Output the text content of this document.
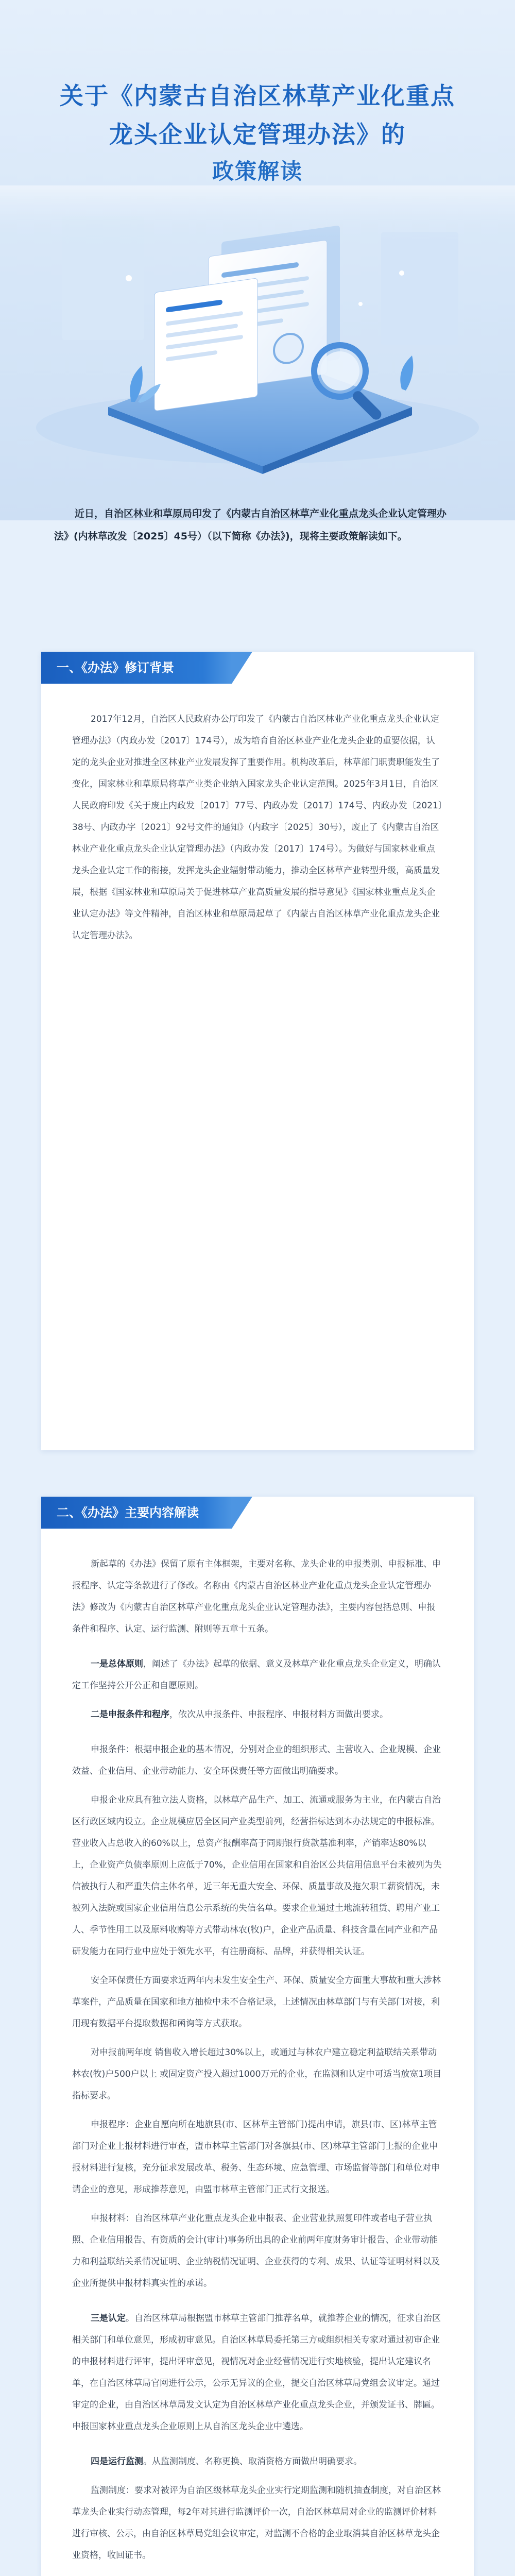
关于《内蒙古自治区林草产业化重点
龙头企业认定管理办法》的
政策解读
近日，自治区林业和草原局印发了《内蒙古自治区林草产业化重点龙头企业认定管理办法》(内林草改发〔2025〕45号）（以下简称《办法》)，现将主要政策解读如下。
一、《办法》修订背景

2017年12月，自治区人民政府办公厅印发了《内蒙古自治区林业产业化重点龙头企业认定管理办法》（内政办发〔2017〕174号），成为培育自治区林业产业化龙头企业的重要依据，认定的龙头企业对推进全区林业产业发展发挥了重要作用。机构改革后，林草部门职责职能发生了变化，国家林业和草原局将草产业类企业纳入国家龙头企业认定范围。2025年3月1日，自治区人民政府印发《关于废止内政发〔2017〕77号、内政办发〔2017〕174号、内政办发〔2021〕38号、内政办字〔2021〕92号文件的通知》（内政字〔2025〕30号），废止了《内蒙古自治区林业产业化重点龙头企业认定管理办法》（内政办发〔2017〕174号）。为做好与国家林业重点龙头企业认定工作的衔接，发挥龙头企业辐射带动能力，推动全区林草产业转型升级，高质量发展，根据《国家林业和草原局关于促进林草产业高质量发展的指导意见》《国家林业重点龙头企业认定办法》等文件精神，自治区林业和草原局起草了《内蒙古自治区林草产业化重点龙头企业认定管理办法》。

二、《办法》主要内容解读

新起草的《办法》保留了原有主体框架，主要对名称、龙头企业的申报类别、申报标准、申报程序、认定等条款进行了修改。名称由《内蒙古自治区林业产业化重点龙头企业认定管理办法》修改为《内蒙古自治区林草产业化重点龙头企业认定管理办法》，主要内容包括总则、申报条件和程序、认定、运行监测、附则等五章十五条。

一是总体原则，阐述了《办法》起草的依据、意义及林草产业化重点龙头企业定义，明确认定工作坚持公开公正和自愿原则。

二是申报条件和程序，依次从申报条件、申报程序、申报材料方面做出要求。

申报条件：根据申报企业的基本情况，分别对企业的组织形式、主营收入、企业规模、企业效益、企业信用、企业带动能力、安全环保责任等方面做出明确要求。

申报企业应具有独立法人资格，以林草产品生产、加工、流通或服务为主业，在内蒙古自治区行政区域内设立。企业规模应居全区同产业类型前列，经营指标达到本办法规定的申报标准。营业收入占总收入的60%以上，总资产报酬率高于同期银行贷款基准利率，产销率达80%以上，企业资产负债率原则上应低于70%，企业信用在国家和自治区公共信用信息平台未被列为失信被执行人和严重失信主体名单，近三年无重大安全、环保、质量事故及拖欠职工薪资情况，未被列入法院或国家企业信用信息公示系统的失信名单。要求企业通过土地流转租赁、聘用产业工人、季节性用工以及原料收购等方式带动林农(牧)户，企业产品质量、科技含量在同产业和产品研发能力在同行业中应处于领先水平，有注册商标、品牌，并获得相关认证。

安全环保责任方面要求近两年内未发生安全生产、环保、质量安全方面重大事故和重大涉林草案件，产品质量在国家和地方抽检中未不合格记录，上述情况由林草部门与有关部门对接，利用现有数据平台提取数据和函询等方式获取。

对申报前两年度 销售收入增长超过30%以上，或通过与林农户建立稳定利益联结关系带动林农(牧)户500户以上 或固定资产投入超过1000万元的企业，在监测和认定中可适当放宽1项目指标要求。

申报程序：企业自愿向所在地旗县(市、区林草主管部门)提出申请，旗县(市、区)林草主管部门对企业上报材料进行审查，盟市林草主管部门对各旗县(市、区)林草主管部门上报的企业申报材料进行复核，充分征求发展改革、税务、生态环境、应急管理、市场监督等部门和单位对申请企业的意见，形成推荐意见，由盟市林草主管部门正式行文报送。

申报材料：自治区林草产业化重点龙头企业申报表、企业营业执照复印件或者电子营业执照、企业信用报告、有资质的会计(审计)事务所出具的企业前两年度财务审计报告、企业带动能力和利益联结关系情况证明、企业纳税情况证明、企业获得的专利、成果、认证等证明材料以及企业所提供申报材料真实性的承诺。

三是认定。自治区林草局根据盟市林草主管部门推荐名单，就推荐企业的情况，征求自治区相关部门和单位意见，形成初审意见。自治区林草局委托第三方或组织相关专家对通过初审企业的申报材料进行评审，提出评审意见，视情况对企业经营情况进行实地核验，提出认定建议名单，在自治区林草局官网进行公示，公示无异议的企业，提交自治区林草局党组会议审定。通过审定的企业，由自治区林草局发文认定为自治区林草产业化重点龙头企业，并颁发证书、牌匾。申报国家林业重点龙头企业原则上从自治区龙头企业中遴选。

四是运行监测。从监测制度、名称更换、取消资格方面做出明确要求。

监测制度：要求对被评为自治区级林草龙头企业实行定期监测和随机抽查制度，对自治区林草龙头企业实行动态管理，每2年对其进行监测评价一次，自治区林草局对企业的监测评价材料进行审核、公示，由自治区林草局党组会议审定，对监测不合格的企业取消其自治区林草龙头企业资格，收回证书。
